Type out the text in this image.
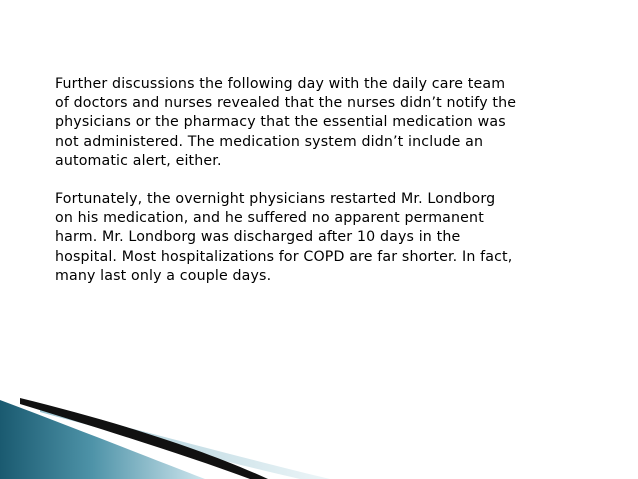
Further discussions the following day with the daily care team
of doctors and nurses revealed that the nurses didn’t notify the
physicians or the pharmacy that the essential medication was
not administered. The medication system didn’t include an
automatic alert, either.

Fortunately, the overnight physicians restarted Mr. Londborg
on his medication, and he suffered no apparent permanent
harm. Mr. Londborg was discharged after 10 days in the
hospital. Most hospitalizations for COPD are far shorter. In fact,
many last only a couple days.
